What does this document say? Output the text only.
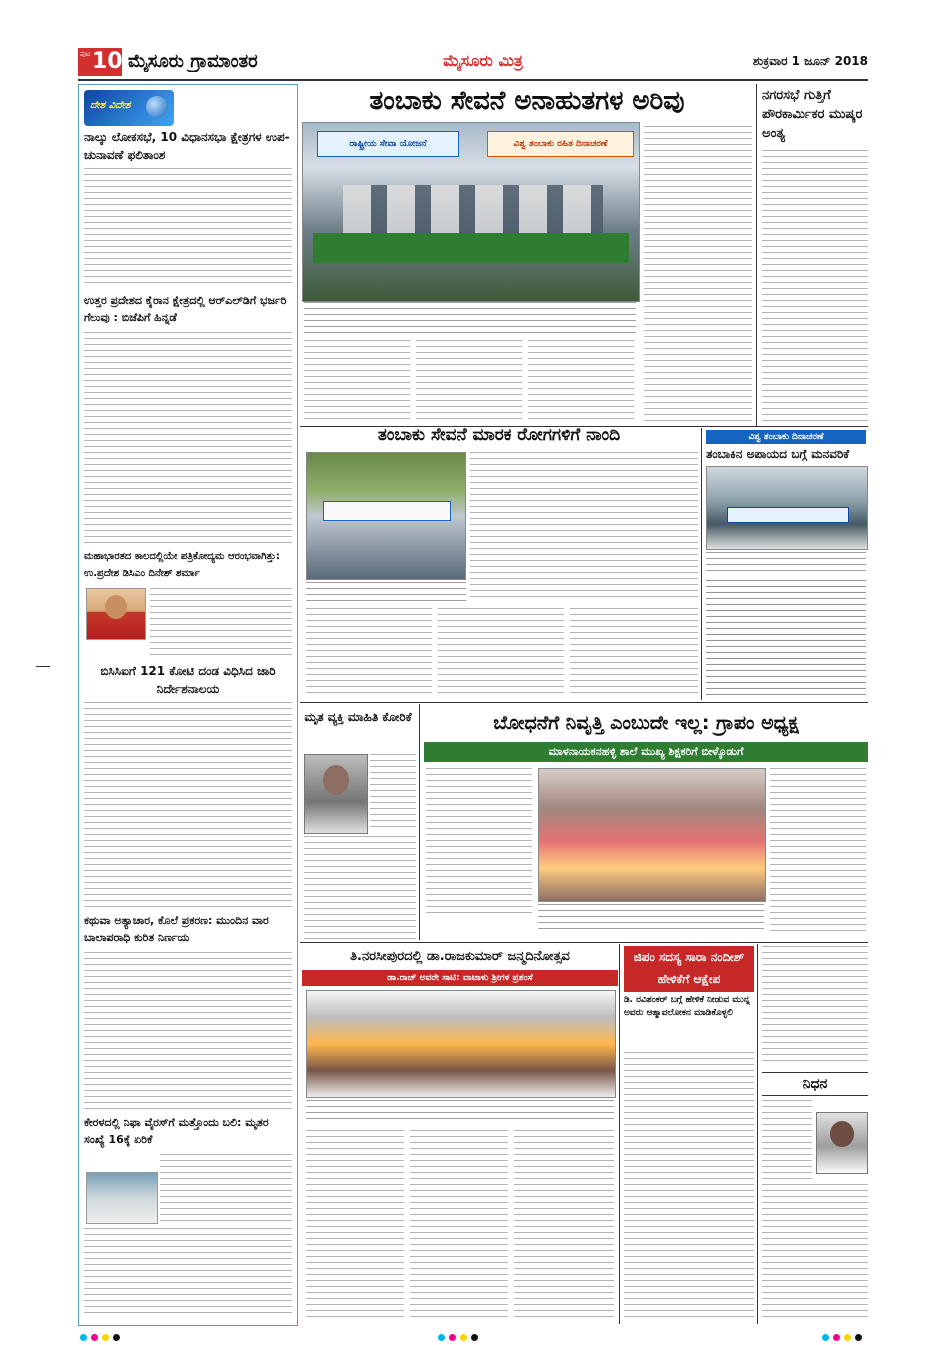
ಪುಟ 10 ಮೈಸೂರು ಗ್ರಾಮಾಂತರ	ಮೈಸೂರು ಮಿತ್ರ	ಶುಕ್ರವಾರ 1 ಜೂನ್ 2018
ದೇಶ ವಿದೇಶ
ನಾಲ್ಕು ಲೋಕಸಭೆ, 10 ವಿಧಾನಸಭಾ ಕ್ಷೇತ್ರಗಳ ಉಪ-ಚುನಾವಣೆ ಫಲಿತಾಂಶ
ಉತ್ತರ ಪ್ರದೇಶದ ಕೈರಾನ ಕ್ಷೇತ್ರದಲ್ಲಿ ಆರ್‌ಎಲ್‌ಡಿಗೆ ಭರ್ಜರಿ ಗೆಲುವು : ಬಿಜೆಪಿಗೆ ಹಿನ್ನಡೆ
ಮಹಾಭಾರತದ ಕಾಲದಲ್ಲಿಯೇ ಪತ್ರಿಕೋದ್ಯಮ ಆರಂಭವಾಗಿತ್ತು: ಉ.ಪ್ರದೇಶ ಡಿಸಿಎಂ ದಿನೇಶ್ ಶರ್ಮಾ
ಬಿಸಿಸಿಐಗೆ 121 ಕೋಟಿ ದಂಡ ವಿಧಿಸಿದ ಜಾರಿ ನಿರ್ದೇಶನಾಲಯ
ಕಥುವಾ ಅತ್ಯಾಚಾರ, ಕೊಲೆ ಪ್ರಕರಣ: ಮುಂದಿನ ವಾರ ಬಾಲಾಪರಾಧಿ ಕುರಿತ ನಿರ್ಣಯ
ಕೇರಳದಲ್ಲಿ ನಿಫಾ ವೈರಸ್‌ಗೆ ಮತ್ತೊಂದು ಬಲಿ: ಮೃತರ ಸಂಖ್ಯೆ 16ಕ್ಕೆ ಏರಿಕೆ
ತಂಬಾಕು ಸೇವನೆ ಅನಾಹುತಗಳ ಅರಿವು
ರಾಷ್ಟ್ರೀಯ ಸೇವಾ ಯೋಜನೆ	ವಿಶ್ವ ತಂಬಾಕು ರಹಿತ ದಿನಾಚರಣೆ
ನಗರಸಭೆ ಗುತ್ತಿಗೆ ಪೌರಕಾರ್ಮಿಕರ ಮುಷ್ಕರ ಅಂತ್ಯ
ತಂಬಾಕು ಸೇವನೆ ಮಾರಕ ರೋಗಗಳಿಗೆ ನಾಂದಿ	ವಿಶ್ವ ತಂಬಾಕು ದಿನಾಚರಣೆ
ತಂಬಾಕಿನ ಅಪಾಯದ ಬಗ್ಗೆ ಮನವರಿಕೆ
ಮೃತ ವ್ಯಕ್ತಿ ಮಾಹಿತಿ ಕೋರಿಕೆ	ಬೋಧನೆಗೆ ನಿವೃತ್ತಿ ಎಂಬುದೇ ಇಲ್ಲ: ಗ್ರಾಪಂ ಅಧ್ಯಕ್ಷ
ಮಾಳನಾಯಕನಹಳ್ಳಿ ಶಾಲೆ ಮುಖ್ಯ ಶಿಕ್ಷಕರಿಗೆ ಬೀಳ್ಕೊಡುಗೆ
ತಿ.ನರಸೀಪುರದಲ್ಲಿ ಡಾ.ರಾಜಕುಮಾರ್ ಜನ್ಮದಿನೋತ್ಸವ
ಡಾ.ರಾಜ್ ಅವರೇ ಸಾಟಿ: ವಾಟಾಳು ಶ್ರೀಗಳ ಪ್ರಶಂಸೆ
ಜಿಪಂ ಸದಸ್ಯ ಸಾರಾ ನಂದೀಶ್ ಹೇಳಿಕೆಗೆ ಆಕ್ಷೇಪ
ಡಿ. ರವಿಶಂಕರ್ ಬಗ್ಗೆ ಹೇಳಿಕೆ ನೀಡುವ ಮುನ್ನ ಅವರು ಆತ್ಮಾವಲೋಕನ ಮಾಡಿಕೊಳ್ಳಲಿ
ನಿಧನ
